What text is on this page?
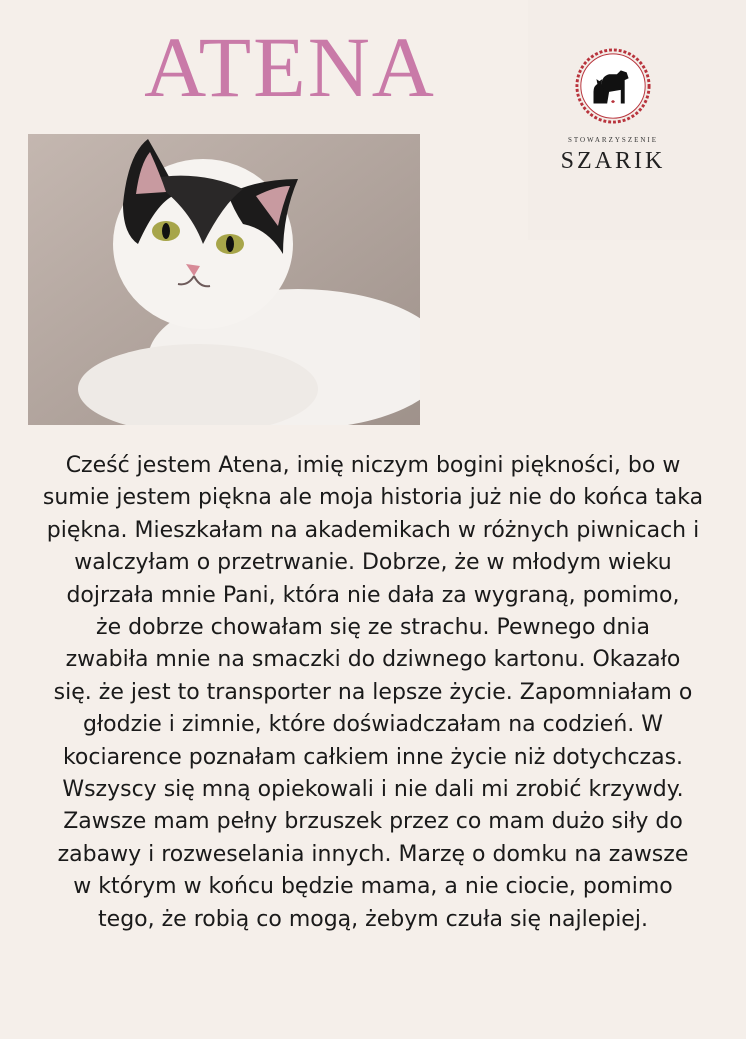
ATENA
STOWARZYSZENIE
SZARIK
Cześć jestem Atena, imię niczym bogini piękności, bo w
sumie jestem piękna ale moja historia już nie do końca taka
piękna. Mieszkałam na akademikach w różnych piwnicach i
walczyłam o przetrwanie. Dobrze, że w młodym wieku
dojrzała mnie Pani, która nie dała za wygraną, pomimo,
że dobrze chowałam się ze strachu. Pewnego dnia
zwabiła mnie na smaczki do dziwnego kartonu. Okazało
się. że jest to transporter na lepsze życie. Zapomniałam o
głodzie i zimnie, które doświadczałam na codzień. W
kociarence poznałam całkiem inne życie niż dotychczas.
Wszyscy się mną opiekowali i nie dali mi zrobić krzywdy.
Zawsze mam pełny brzuszek przez co mam dużo siły do
zabawy i rozweselania innych. Marzę o domku na zawsze
w którym w końcu będzie mama, a nie ciocie, pomimo
tego, że robią co mogą, żebym czuła się najlepiej.
